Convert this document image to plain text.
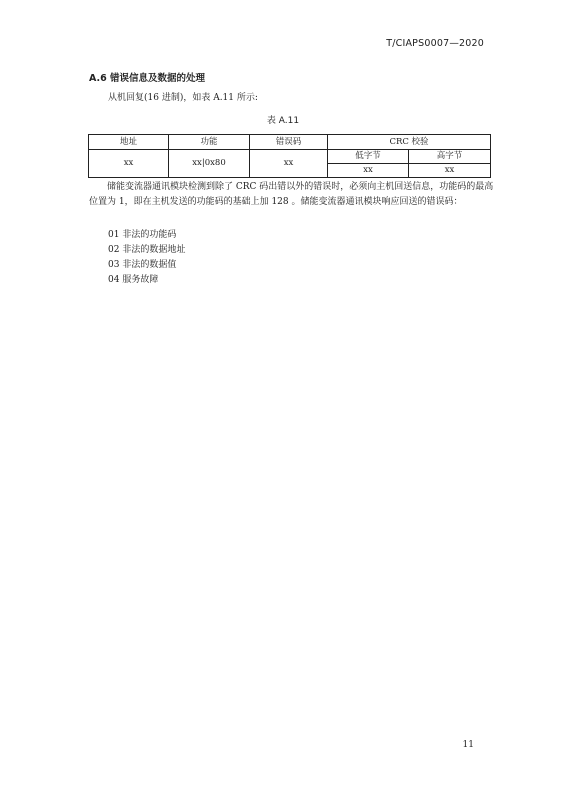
T/CIAPS0007—2020
A.6 错误信息及数据的处理
从机回复(16 进制)，如表 A.11 所示:
表 A.11
地址	功能	错误码	CRC 校验	
xx	xx|0x80	xx	低字节	高字节
			xx	xx

储能变流器通讯模块检测到除了 CRC 码出错以外的错误时，必须向主机回送信息，功能码的最高位置为 1，即在主机发送的功能码的基础上加 128 。储能变流器通讯模块响应回送的错误码：

01 非法的功能码
02 非法的数据地址
03 非法的数据值
04 服务故障
11
